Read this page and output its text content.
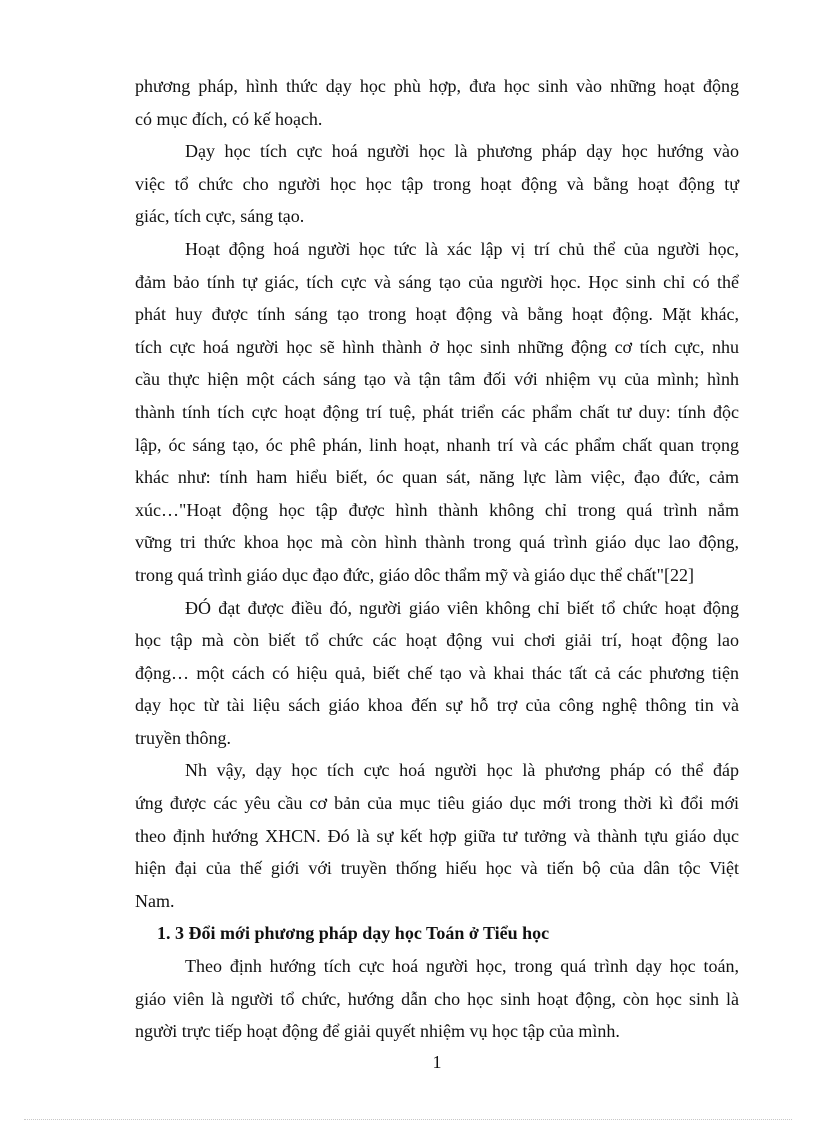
phương pháp, hình thức dạy học phù hợp, đưa học sinh vào những hoạt động
có mục đích, có kế hoạch.

Dạy học tích cực hoá người học là phương pháp dạy học hướng vào
việc tổ chức cho người học học tập trong hoạt động và bằng hoạt động tự
giác, tích cực, sáng tạo.

Hoạt động hoá người học tức là xác lập vị trí chủ thể của người học,
đảm bảo tính tự giác, tích cực và sáng tạo của người học. Học sinh chỉ có thể
phát huy được tính sáng tạo trong hoạt động và bằng hoạt động. Mặt khác,
tích cực hoá người học sẽ hình thành ở học sinh những động cơ tích cực, nhu
cầu thực hiện một cách sáng tạo và tận tâm đối với nhiệm vụ của mình; hình
thành tính tích cực hoạt động trí tuệ, phát triển các phẩm chất tư duy: tính độc
lập, óc sáng tạo, óc phê phán, linh hoạt, nhanh trí và các phẩm chất quan trọng
khác như: tính ham hiểu biết, óc quan sát, năng lực làm việc, đạo đức, cảm
xúc…"Hoạt động học tập được hình thành không chỉ trong quá trình nắm
vững tri thức khoa học mà còn hình thành trong quá trình giáo dục lao động,
trong quá trình giáo dục đạo đức, giáo dôc thẩm mỹ và giáo dục thể chất"[22]

ĐÓ đạt được điều đó, người giáo viên không chỉ biết tổ chức hoạt động
học tập mà còn biết tổ chức các hoạt động vui chơi giải trí, hoạt động lao
động… một cách có hiệu quả, biết chế tạo và khai thác tất cả các phương tiện
dạy học từ tài liệu sách giáo khoa đến sự hỗ trợ của công nghệ thông tin và
truyền thông.

Nh vậy, dạy học tích cực hoá người học là phương pháp có thể đáp
ứng được các yêu cầu cơ bản của mục tiêu giáo dục mới trong thời kì đổi mới
theo định hướng XHCN. Đó là sự kết hợp giữa tư tưởng và thành tựu giáo dục
hiện đại của thế giới với truyền thống hiếu học và tiến bộ của dân tộc Việt
Nam.

1. 3 Đổi mới phương pháp dạy học Toán ở Tiểu học

Theo định hướng tích cực hoá người học, trong quá trình dạy học toán,
giáo viên là người tổ chức, hướng dẫn cho học sinh hoạt động, còn học sinh là
người trực tiếp hoạt động để giải quyết nhiệm vụ học tập của mình.

1
